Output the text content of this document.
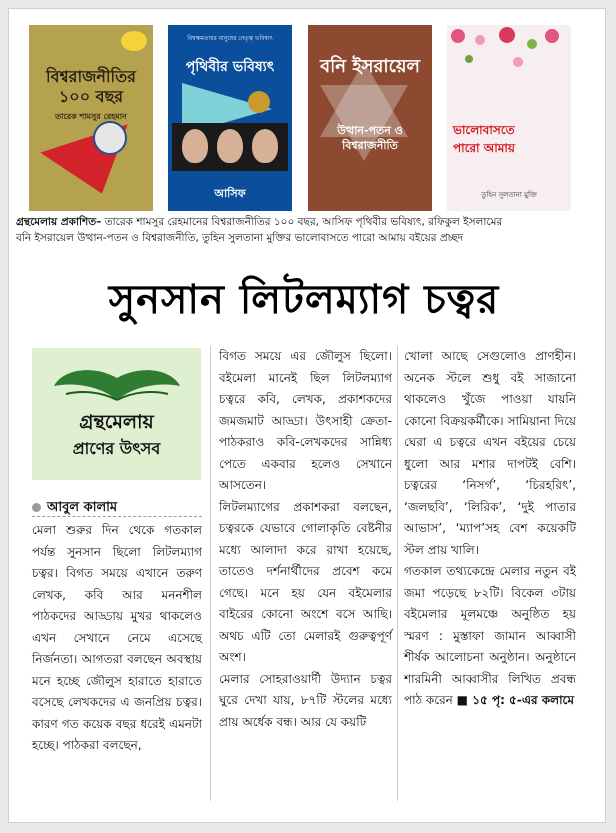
বিশ্বরাজনীতির ১০০ বছর
তারেক শামসুর রেহমান
বিশ্বক্ষমতাধর মানুষের নেতৃত্ব ভবিষ্যৎ
পৃথিবীর ভবিষ্যৎ
আসিফ
বনি ইসরায়েল
উত্থান-পতন ও বিশ্বরাজনীতি
ভালোবাসতে পারো আমায়
তুহিন সুলতানা মুক্তি
গ্রন্থমেলায় প্রকাশিত– তারেক শামসুর রেহমানের বিশ্বরাজনীতির ১০০ বছর, আসিফ পৃথিবীর ভবিষ্যৎ, রফিকুল ইসলামের
বনি ইসরায়েল উত্থান-পতন ও বিশ্বরাজনীতি, তুহিন সুলতানা মুক্তির ভালোবাসতে পারো আমায় বইয়ের প্রচ্ছদ
সুনসান লিটলম্যাগ চত্বর
গ্রন্থমেলায়
প্রাণের উৎসব
আবুল কালাম
মেলা শুরুর দিন থেকে গতকাল পর্যন্ত সুনসান ছিলো লিটলম্যাগ চত্বর। বিগত সময়ে এখানে তরুণ লেখক, কবি আর মননশীল পাঠকদের আড্ডায় মুখর থাকলেও এখন সেখানে নেমে এসেছে নির্জনতা। আগতরা বলছেন অবস্থায় মনে হচ্ছে জৌলুস হারাতে হারাতে বসেছে লেখকদের এ জনপ্রিয় চত্বর। কারণ গত কয়েক বছর ধরেই এমনটা হচ্ছে। পাঠকরা বলছেন,
বিগত সময়ে এর জৌলুস ছিলো। বইমেলা মানেই ছিল লিটলম্যাগ চত্বরে কবি, লেখক, প্রকাশকদের জমজমাট আড্ডা। উৎসাহী ক্রেতা-পাঠকরাও কবি-লেখকদের সান্নিধ্য পেতে একবার হলেও সেখানে আসতেন।
লিটলম্যাগের প্রকাশকরা বলছেন, চত্বরকে যেভাবে গোলাকৃতি বেষ্টনীর মধ্যে আলাদা করে রাখা হয়েছে, তাতেও দর্শনার্থীদের প্রবেশ কমে গেছে। মনে হয় যেন বইমেলার বাইরের কোনো অংশে বসে আছি। অথচ এটি তো মেলারই গুরুত্বপূর্ণ অংশ।
মেলার সোহরাওয়ার্দী উদ্যান চত্বর ঘুরে দেখা যায়, ৮৭টি স্টলের মধ্যে প্রায় অর্ধেক বন্ধ। আর যে কয়টি
খোলা আছে সেগুলোও প্রাণহীন। অনেক স্টলে শুধু বই সাজানো থাকলেও খুঁজে পাওয়া যায়নি কোনো বিক্রয়কর্মীকে। সামিয়ানা দিয়ে ঘেরা এ চত্বরে এখন বইয়ের চেয়ে ধুলো আর মশার দাপটই বেশি। চত্বরের ‘নিসর্গ’, ‘চিরহরিৎ’, ‘জলছবি’, ‘লিরিক’, ‘দুই পাতার আভাস’, ‘ম্যাপ’সহ বেশ কয়েকটি স্টল প্রায় খালি।
গতকাল তথ্যকেন্দ্রে মেলার নতুন বই জমা পড়েছে ৮২টি। বিকেল ৩টায় বইমেলার মূলমঞ্চে অনুষ্ঠিত হয় স্মরণ : মুস্তাফা জামান আব্বাসী শীর্ষক আলোচনা অনুষ্ঠান। অনুষ্ঠানে শারমিনী আব্বাসীর লিখিত প্রবন্ধ পাঠ করেন ■ ১৫ পৃ: ৫-এর কলামে
